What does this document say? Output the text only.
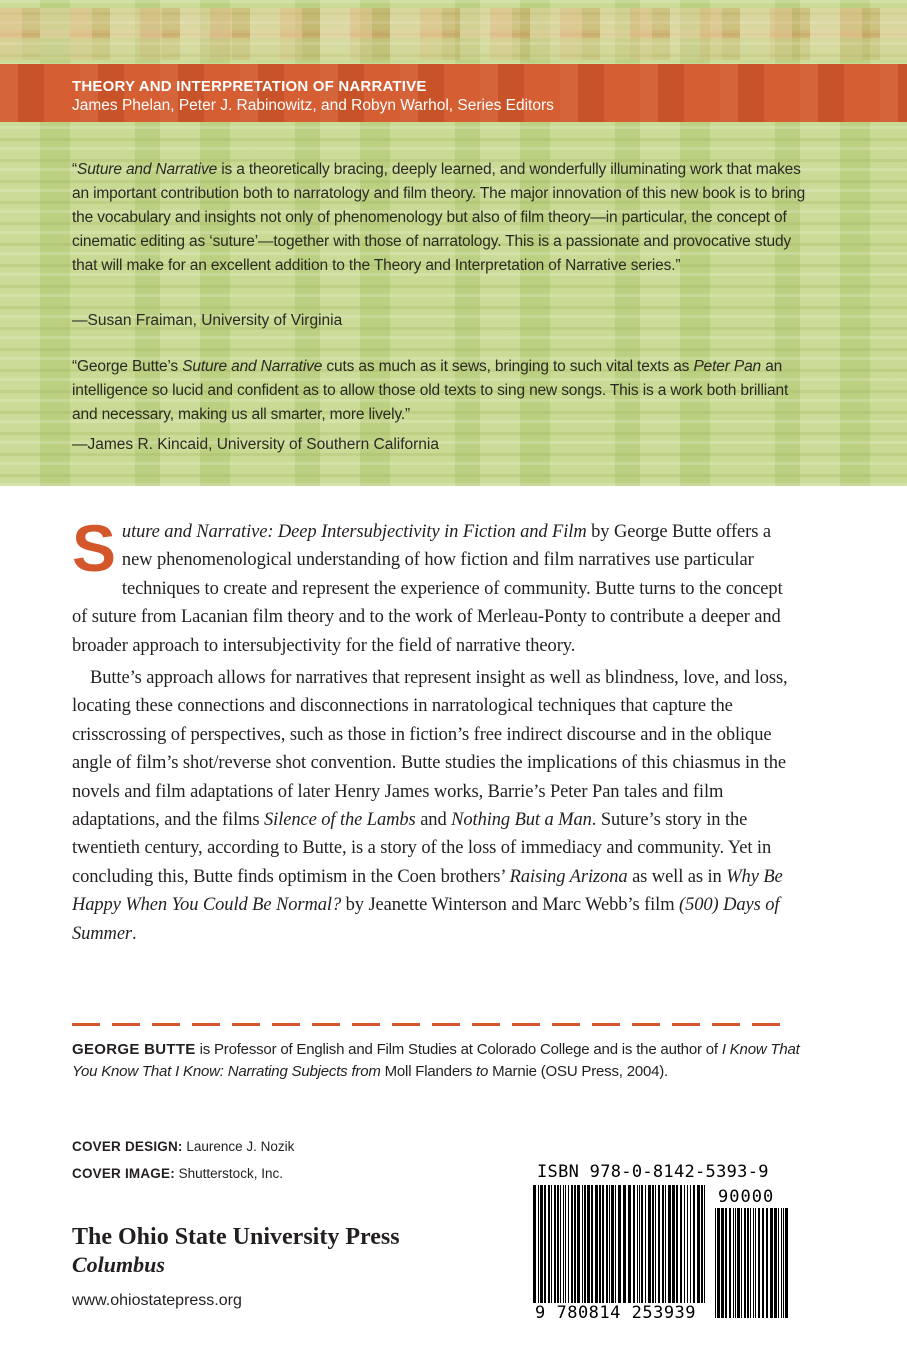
THEORY AND INTERPRETATION OF NARRATIVE

James Phelan, Peter J. Rabinowitz, and Robyn Warhol, Series Editors

“Suture and Narrative is a theoretically bracing, deeply learned, and wonderfully illuminating work that makes an important contribution both to narratology and film theory. The major innovation of this new book is to bring the vocabulary and insights not only of phenomenology but also of film theory—in particular, the concept of cinematic editing as ‘suture’—together with those of narratology. This is a passionate and provocative study that will make for an excellent addition to the Theory and Interpretation of Narrative series.”

—Susan Fraiman, University of Virginia

“George Butte’s Suture and Narrative cuts as much as it sews, bringing to such vital texts as Peter Pan an intelligence so lucid and confident as to allow those old texts to sing new songs. This is a work both brilliant and necessary, making us all smarter, more lively.”

—James R. Kincaid, University of Southern California

Suture and Narrative: Deep Intersubjectivity in Fiction and Film by George Butte offers a new phenomenological understanding of how fiction and film narratives use particular techniques to create and represent the experience of community. Butte turns to the concept of suture from Lacanian film theory and to the work of Merleau-Ponty to contribute a deeper and broader approach to intersubjectivity for the field of narrative theory.

Butte’s approach allows for narratives that represent insight as well as blindness, love, and loss, locating these connections and disconnections in narratological techniques that capture the crisscrossing of perspectives, such as those in fiction’s free indirect discourse and in the oblique angle of film’s shot/reverse shot convention. Butte studies the implications of this chiasmus in the novels and film adaptations of later Henry James works, Barrie’s Peter Pan tales and film adaptations, and the films Silence of the Lambs and Nothing But a Man. Suture’s story in the twentieth century, according to Butte, is a story of the loss of immediacy and community. Yet in concluding this, Butte finds optimism in the Coen brothers’ Raising Arizona as well as in Why Be Happy When You Could Be Normal? by Jeanette Winterson and Marc Webb’s film (500) Days of Summer.

GEORGE BUTTE is Professor of English and Film Studies at Colorado College and is the author of I Know That You Know That I Know: Narrating Subjects from Moll Flanders to Marnie (OSU Press, 2004).

COVER DESIGN: Laurence J. Nozik

COVER IMAGE: Shutterstock, Inc.

The Ohio State University Press

Columbus

www.ohiostatepress.org

ISBN 978-0-8142-5393-9

90000

9 780814 253939
